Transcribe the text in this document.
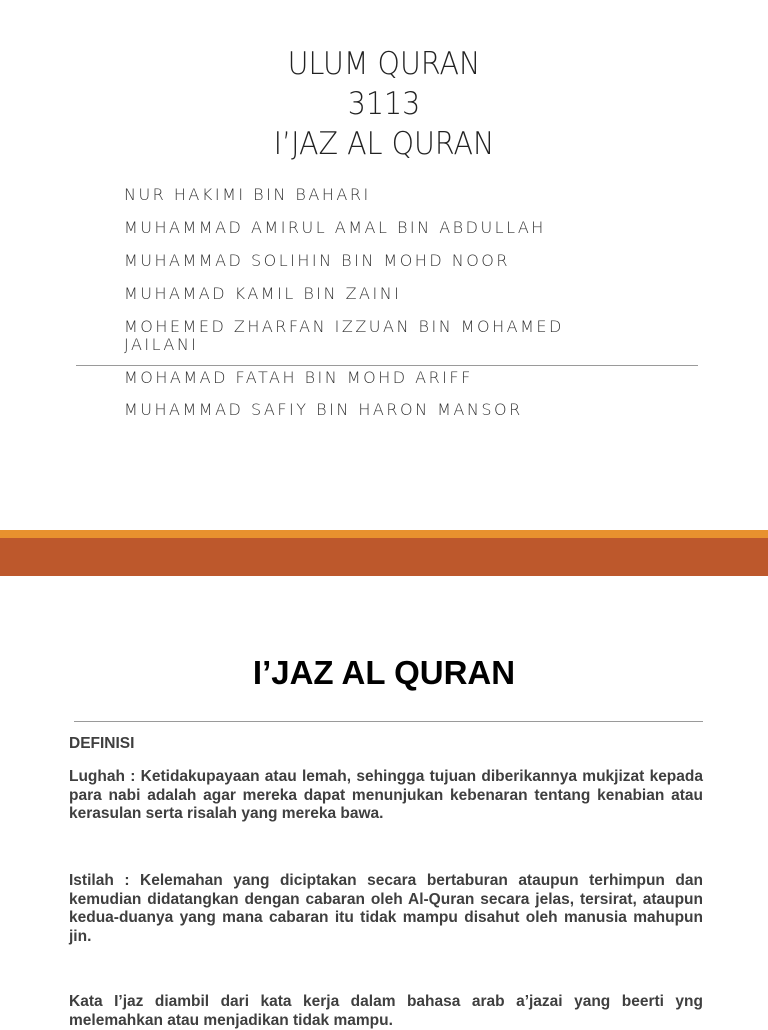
ULUM QURAN
3113
I’JAZ AL QURAN
NUR HAKIMI BIN BAHARI
MUHAMMAD AMIRUL AMAL BIN ABDULLAH
MUHAMMAD SOLIHIN BIN MOHD NOOR
MUHAMAD KAMIL BIN ZAINI
MOHEMED ZHARFAN IZZUAN BIN MOHAMED JAILANI
MOHAMAD FATAH BIN MOHD ARIFF
MUHAMMAD SAFIY BIN HARON MANSOR
I’JAZ AL QURAN
DEFINISI
Lughah : Ketidakupayaan atau lemah, sehingga tujuan diberikannya mukjizat kepada para nabi adalah agar mereka dapat menunjukan kebenaran tentang kenabian atau kerasulan serta risalah yang mereka bawa.
Istilah : Kelemahan yang diciptakan secara bertaburan ataupun terhimpun dan kemudian didatangkan dengan cabaran oleh Al-Quran secara jelas, tersirat, ataupun kedua-duanya yang mana cabaran itu tidak mampu disahut oleh manusia mahupun jin.
Kata I’jaz diambil dari kata kerja dalam bahasa arab a’jazai yang beerti yng melemahkan atau menjadikan tidak mampu.
